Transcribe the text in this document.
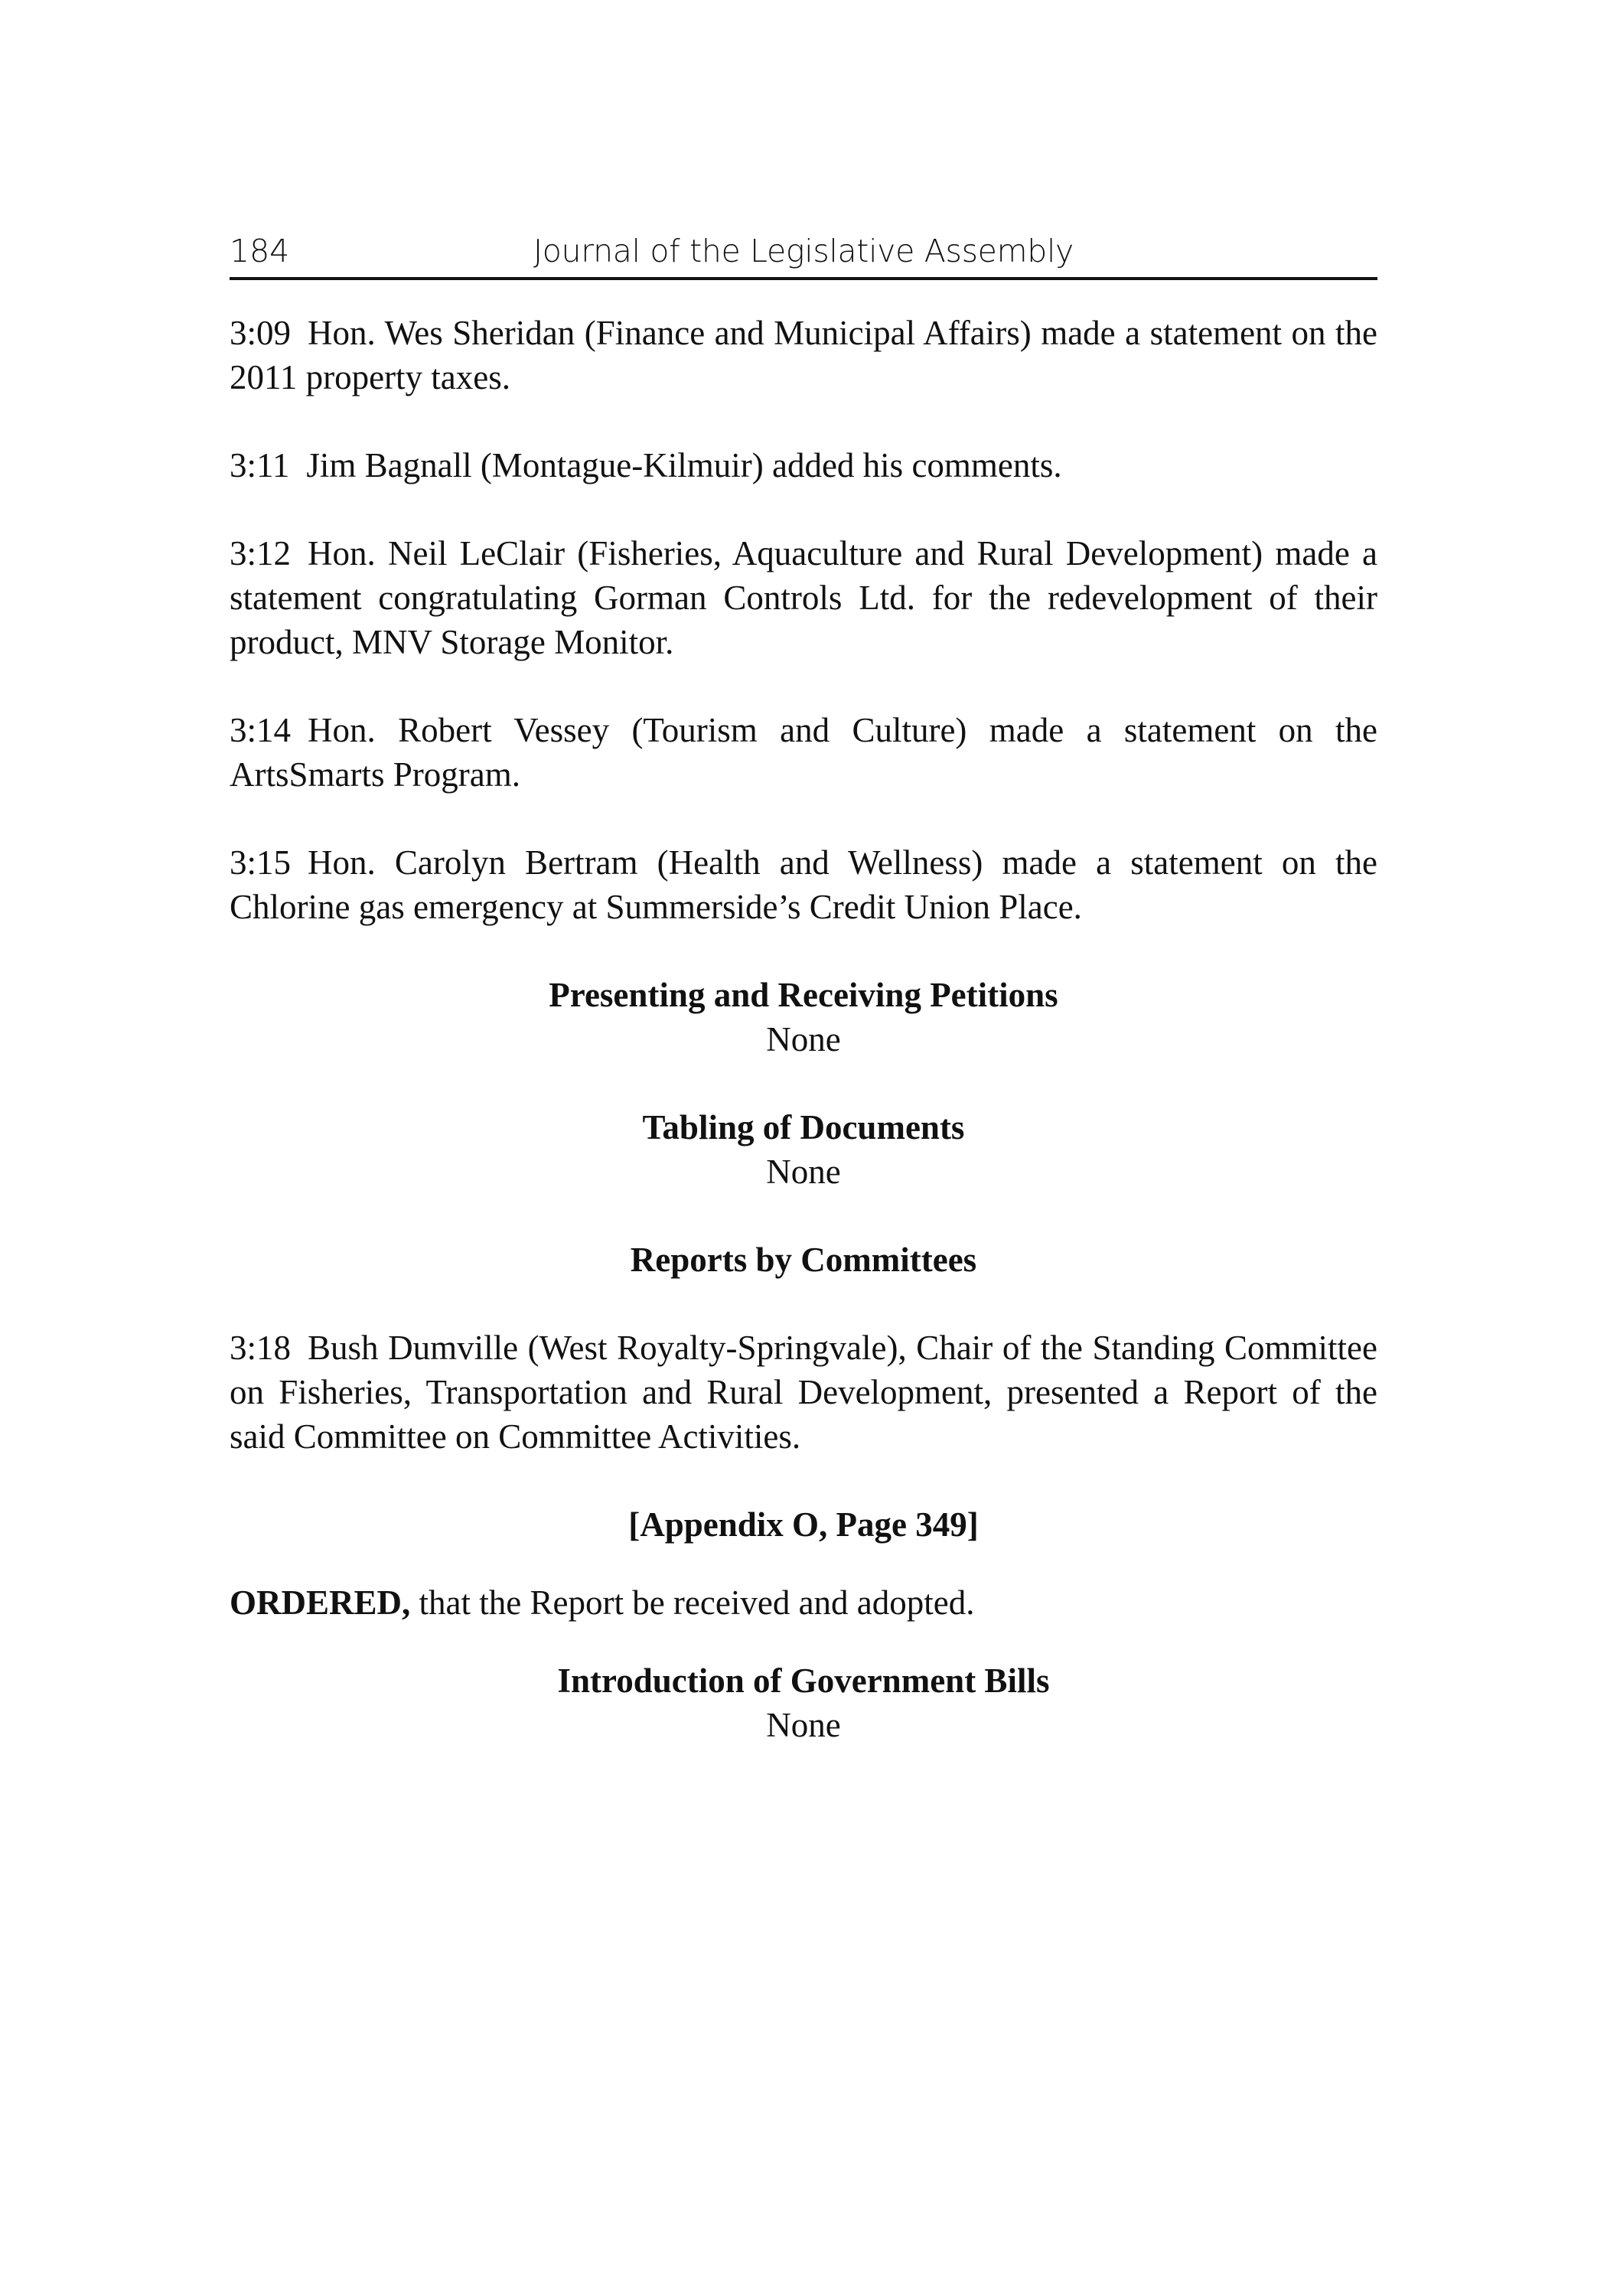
184	Journal of the Legislative Assembly

3:09 Hon. Wes Sheridan (Finance and Municipal Affairs) made a statement on the 2011 property taxes.

3:11 Jim Bagnall (Montague-Kilmuir) added his comments.

3:12 Hon. Neil LeClair (Fisheries, Aquaculture and Rural Development) made a statement congratulating Gorman Controls Ltd. for the redevelopment of their product, MNV Storage Monitor.

3:14 Hon. Robert Vessey (Tourism and Culture) made a statement on the ArtsSmarts Program.

3:15 Hon. Carolyn Bertram (Health and Wellness) made a statement on the Chlorine gas emergency at Summerside’s Credit Union Place.

Presenting and Receiving Petitions
None
Tabling of Documents
None
Reports by Committees

3:18 Bush Dumville (West Royalty-Springvale), Chair of the Standing Committee on Fisheries, Transportation and Rural Development, presented a Report of the said Committee on Committee Activities.

[Appendix O, Page 349]

ORDERED, that the Report be received and adopted.

Introduction of Government Bills
None
